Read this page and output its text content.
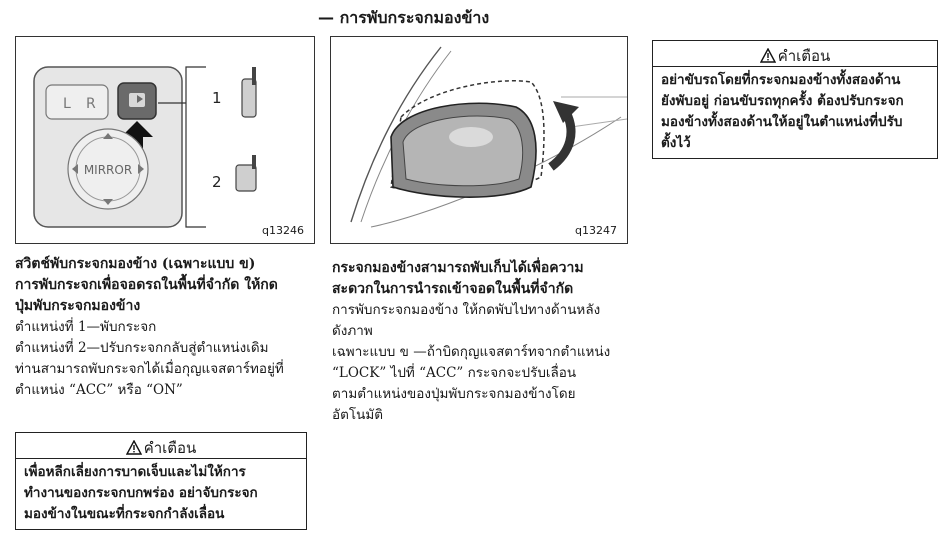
— การพับกระจกมองข้าง
L R
MIRROR
1
2
q13246	q13247
สวิตช์พับกระจกมองข้าง (เฉพาะแบบ ข)
การพับกระจกเพื่อจอดรถในพื้นที่จำกัด ให้กด
ปุ่มพับกระจกมองข้าง
ตำแหน่งที่ 1—พับกระจก
ตำแหน่งที่ 2—ปรับกระจกกลับสู่ตำแหน่งเดิม
ท่านสามารถพับกระจกได้เมื่อกุญแจสตาร์ทอยู่ที่
ตำแหน่ง “ACC” หรือ “ON”
คำเตือน
เพื่อหลีกเลี่ยงการบาดเจ็บและไม่ให้การ
ทำงานของกระจกบกพร่อง อย่าจับกระจก
มองข้างในขณะที่กระจกกำลังเลื่อน
กระจกมองข้างสามารถพับเก็บได้เพื่อความ
สะดวกในการนำรถเข้าจอดในพื้นที่จำกัด
การพับกระจกมองข้าง ให้กดพับไปทางด้านหลัง
ดังภาพ
เฉพาะแบบ ข —ถ้าบิดกุญแจสตาร์ทจากตำแหน่ง
“LOCK” ไปที่ “ACC” กระจกจะปรับเลื่อน
ตามตำแหน่งของปุ่มพับกระจกมองข้างโดย
อัตโนมัติ
คำเตือน
อย่าขับรถโดยที่กระจกมองข้างทั้งสองด้าน
ยังพับอยู่ ก่อนขับรถทุกครั้ง ต้องปรับกระจก
มองข้างทั้งสองด้านให้อยู่ในตำแหน่งที่ปรับ
ตั้งไว้
